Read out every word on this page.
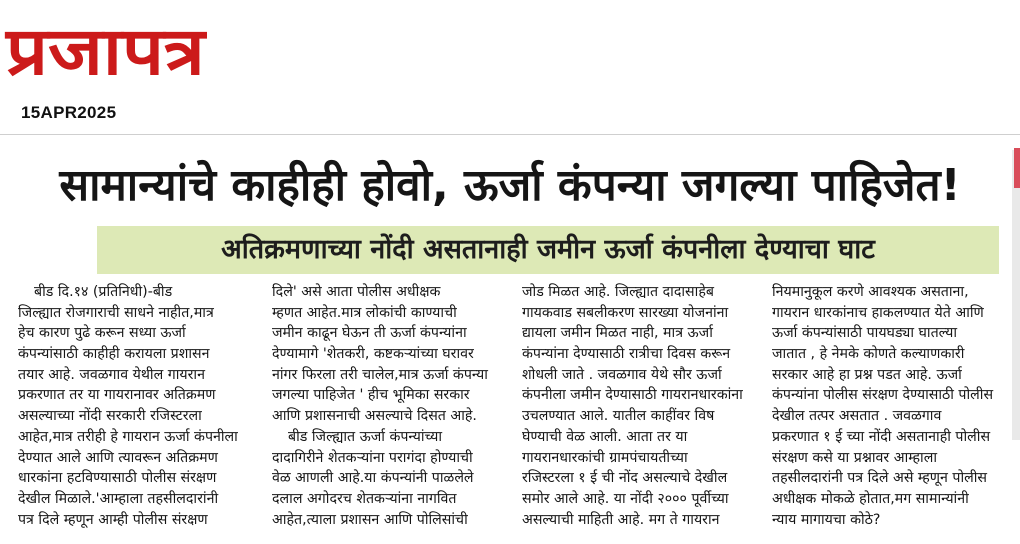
प्रजापत्र
15APR2025
सामान्यांचे काहीही होवो, ऊर्जा कंपन्या जगल्या पाहिजेत!
अतिक्रमणाच्या नोंदी असतानाही जमीन ऊर्जा कंपनीला देण्याचा घाट
बीड दि.१४ (प्रतिनिधी)-बीड
जिल्ह्यात रोजगाराची साधने नाहीत,मात्र
हेच कारण पुढे करून सध्या ऊर्जा
कंपन्यांसाठी काहीही करायला प्रशासन
तयार आहे. जवळगाव येथील गायरान
प्रकरणात तर या गायरानावर अतिक्रमण
असल्याच्या नोंदी सरकारी रजिस्टरला
आहेत,मात्र तरीही हे गायरान ऊर्जा कंपनीला
देण्यात आले आणि त्यावरून अतिक्रमण
धारकांना हटविण्यासाठी पोलीस संरक्षण
देखील मिळाले.'आम्हाला तहसीलदारांनी
पत्र दिले म्हणून आम्ही पोलीस संरक्षण
दिले' असे आता पोलीस अधीक्षक
म्हणत आहेत.मात्र लोकांची काण्याची
जमीन काढून घेऊन ती ऊर्जा कंपन्यांना
देण्यामागे 'शेतकरी, कष्टकऱ्यांच्या घरावर
नांगर फिरला तरी चालेल,मात्र ऊर्जा कंपन्या
जगल्या पाहिजेत ' हीच भूमिका सरकार
आणि प्रशासनाची असल्याचे दिसत आहे.
बीड जिल्ह्यात ऊर्जा कंपन्यांच्या
दादागिरीने शेतकऱ्यांना परागंदा होण्याची
वेळ आणली आहे.या कंपन्यांनी पाळलेले
दलाल अगोदरच शेतकऱ्यांना नागवित
आहेत,त्याला प्रशासन आणि पोलिसांची
जोड मिळत आहे. जिल्ह्यात दादासाहेब
गायकवाड सबलीकरण सारख्या योजनांना
द्यायला जमीन मिळत नाही, मात्र ऊर्जा
कंपन्यांना देण्यासाठी रात्रीचा दिवस करून
शोधली जाते . जवळगाव येथे सौर ऊर्जा
कंपनीला जमीन देण्यासाठी गायरानधारकांना
उचलण्यात आले. यातील काहींवर विष
घेण्याची वेळ आली. आता तर या
गायरानधारकांची ग्रामपंचायतीच्या
रजिस्टरला १ ई ची नोंद असल्याचे देखील
समोर आले आहे. या नोंदी २००० पूर्वीच्या
असल्याची माहिती आहे. मग ते गायरान
नियमानुकूल करणे आवश्यक असताना,
गायरान धारकांनाच हाकलण्यात येते आणि
ऊर्जा कंपन्यांसाठी पायघड्या घातल्या
जातात , हे नेमके कोणते कल्याणकारी
सरकार आहे हा प्रश्न पडत आहे. ऊर्जा
कंपन्यांना पोलीस संरक्षण देण्यासाठी पोलीस
देखील तत्पर असतात . जवळगाव
प्रकरणात १ ई च्या नोंदी असतानाही पोलीस
संरक्षण कसे या प्रश्नावर आम्हाला
तहसीलदारांनी पत्र दिले असे म्हणून पोलीस
अधीक्षक मोकळे होतात,मग सामान्यांनी
न्याय मागायचा कोठे?
